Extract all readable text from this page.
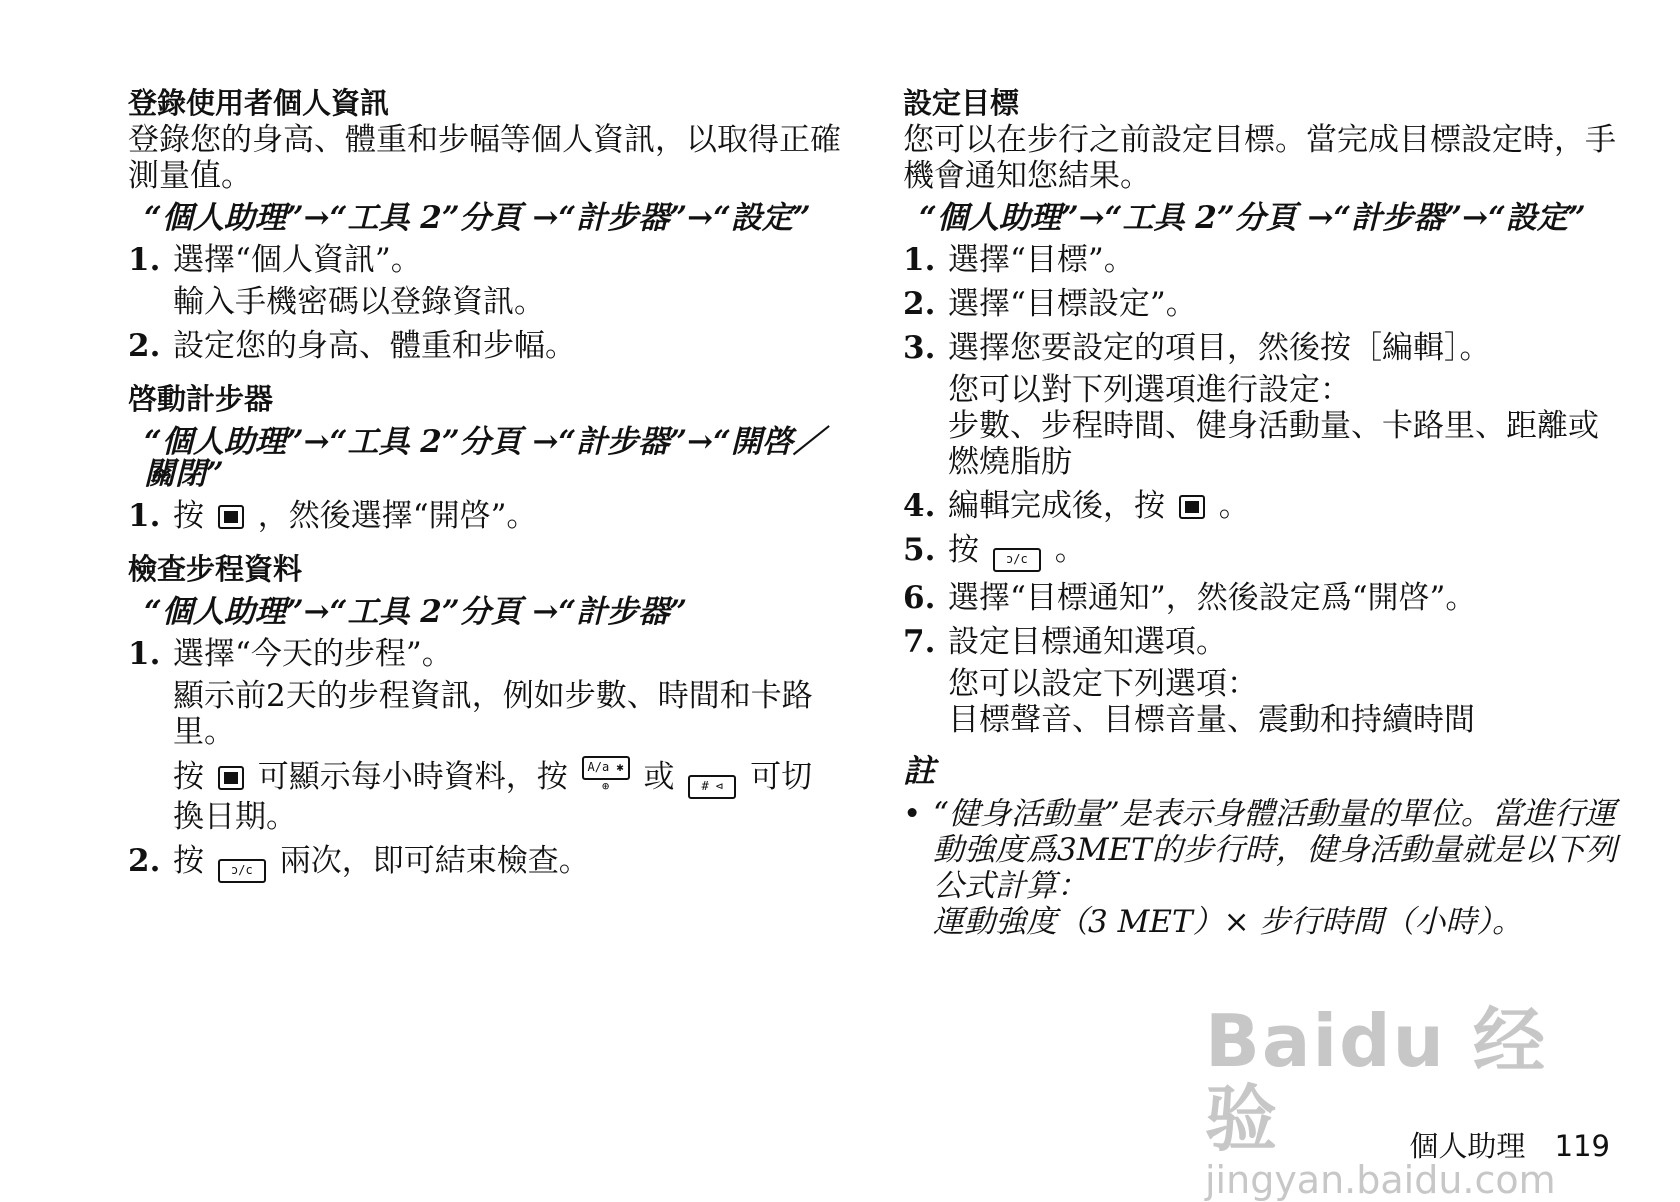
登錄使用者個人資訊

登錄您的身高、體重和步幅等個人資訊，以取得正確測量值。

“個人助理”→“工具 2”分頁 →“計步器”→“設定”

1. 選擇“個人資訊”。

輸入手機密碼以登錄資訊。

2. 設定您的身高、體重和步幅。
啓動計步器

“個人助理”→“工具 2”分頁 →“計步器”→“開啓／關閉”

1. 按 ，然後選擇“開啓”。
檢查步程資料

“個人助理”→“工具 2”分頁 →“計步器”

1. 選擇“今天的步程”。

顯示前2天的步程資訊，例如步數、時間和卡路里。

按 可顯示每小時資料，按 A/a ✱ ⊕ 或 # ⊲ 可切換日期。

2. 按 ɔ/c 兩次，即可結束檢查。
設定目標

您可以在步行之前設定目標。當完成目標設定時，手機會通知您結果。

“個人助理”→“工具 2”分頁 →“計步器”→“設定”

1. 選擇“目標”。
2. 選擇“目標設定”。
3. 選擇您要設定的項目，然後按［編輯］。

您可以對下列選項進行設定：

步數、步程時間、健身活動量、卡路里、距離或燃燒脂肪

4. 編輯完成後，按 。
5. 按 ɔ/c 。
6. 選擇“目標通知”，然後設定爲“開啓”。
7. 設定目標通知選項。

您可以設定下列選項：

目標聲音、目標音量、震動和持續時間

註

• “健身活動量”是表示身體活動量的單位。當進行運動強度爲3MET的步行時，健身活動量就是以下列公式計算：
運動強度（3 MET）× 步行時間（小時）。
Baidu 经验
jingyan.baidu.com
個人助理 119
